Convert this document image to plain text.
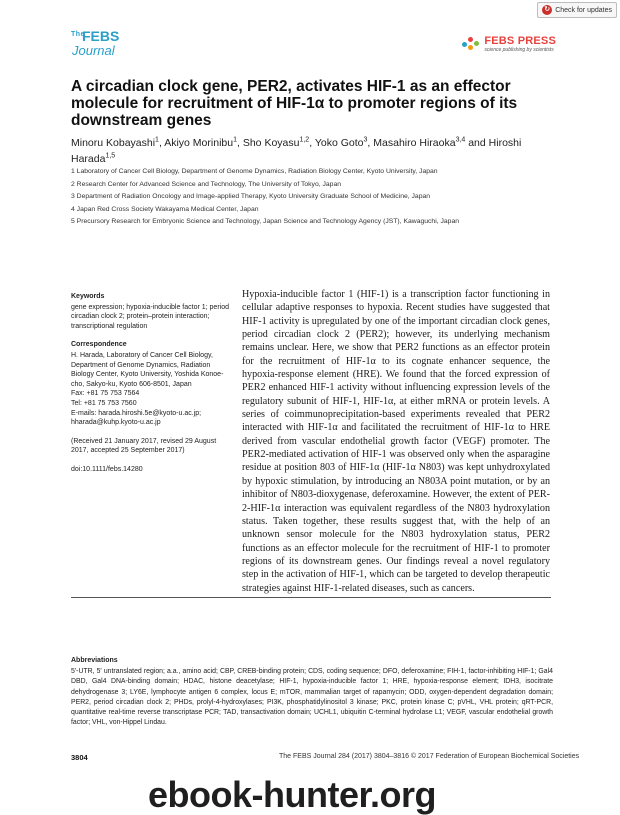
↻ Check for updates
The
FEBS
Journal
FEBS PRESS
science publishing by scientists
A circadian clock gene, PER2, activates HIF-1 as an effector molecule for recruitment of HIF-1α to promoter regions of its downstream genes
Minoru Kobayashi$^1$, Akiyo Morinibu$^1$, Sho Koyasu$^{1,2}$, Yoko Goto$^3$, Masahiro Hiraoka$^{3,4}$ and Hiroshi Harada$^{1,5}$
1 Laboratory of Cancer Cell Biology, Department of Genome Dynamics, Radiation Biology Center, Kyoto University, Japan
2 Research Center for Advanced Science and Technology, The University of Tokyo, Japan
3 Department of Radiation Oncology and Image-applied Therapy, Kyoto University Graduate School of Medicine, Japan
4 Japan Red Cross Society Wakayama Medical Center, Japan
5 Precursory Research for Embryonic Science and Technology, Japan Science and Technology Agency (JST), Kawaguchi, Japan
Keywords

gene expression; hypoxia-inducible factor 1; period circadian clock 2; protein–protein interaction; transcriptional regulation

Correspondence

H. Harada, Laboratory of Cancer Cell Biology, Department of Genome Dynamics, Radiation Biology Center, Kyoto University, Yoshida Konoe-cho, Sakyo-ku, Kyoto 606-8501, Japan

Fax: +81 75 753 7564

Tel: +81 75 753 7560

E-mails: harada.hiroshi.5e@kyoto-u.ac.jp; hharada@kuhp.kyoto-u.ac.jp

(Received 21 January 2017, revised 29 August 2017, accepted 25 September 2017)

doi:10.1111/febs.14280

Hypoxia-inducible factor 1 (HIF-1) is a transcription factor functioning in cellular adaptive responses to hypoxia. Recent studies have suggested that HIF-1 activity is upregulated by one of the important circadian clock genes, period circadian clock 2 (PER2); however, its underlying mechanism remains unclear. Here, we show that PER2 functions as an effector protein for the recruitment of HIF-1α to its cognate enhancer sequence, the hypoxia-response element (HRE). We found that the forced expression of PER2 enhanced HIF-1 activity without influencing expression levels of the regulatory subunit of HIF-1, HIF-1α, at either mRNA or protein levels. A series of coimmunoprecipitation-based experiments revealed that PER2 interacted with HIF-1α and facilitated the recruitment of HIF-1α to HRE derived from vascular endothelial growth factor (VEGF) promoter. The PER2-mediated activation of HIF-1 was observed only when the asparagine residue at position 803 of HIF-1α (HIF-1α N803) was kept unhydroxylated by hypoxic stimulation, by introducing an N803A point mutation, or by an inhibitor of N803-dioxygenase, deferoxamine. However, the extent of PER-2-HIF-1α interaction was equivalent regardless of the N803 hydroxylation status. Taken together, these results suggest that, with the help of an unknown sensor molecule for the N803 hydroxylation status, PER2 functions as an effector molecule for the recruitment of HIF-1 to promoter regions of its downstream genes. Our findings reveal a novel regulatory step in the activation of HIF-1, which can be targeted to develop therapeutic strategies against HIF-1-related diseases, such as cancers.

Abbreviations

5'-UTR, 5' untranslated region; a.a., amino acid; CBP, CREB-binding protein; CDS, coding sequence; DFO, deferoxamine; FIH-1, factor-inhibiting HIF-1; Gal4 DBD, Gal4 DNA-binding domain; HDAC, histone deacetylase; HIF-1, hypoxia-inducible factor 1; HRE, hypoxia-response element; IDH3, isocitrate dehydrogenase 3; LY6E, lymphocyte antigen 6 complex, locus E; mTOR, mammalian target of rapamycin; ODD, oxygen-dependent degradation domain; PER2, period circadian clock 2; PHDs, prolyl-4-hydroxylases; PI3K, phosphatidylinositol 3 kinase; PKC, protein kinase C; pVHL, VHL protein; qRT-PCR, quantitative real-time reverse transcriptase PCR; TAD, transactivation domain; UCHL1, ubiquitin C-terminal hydrolase L1; VEGF, vascular endothelial growth factor; VHL, von-Hippel Lindau.

3804	The FEBS Journal 284 (2017) 3804–3816 © 2017 Federation of European Biochemical Societies
ebook-hunter.org
